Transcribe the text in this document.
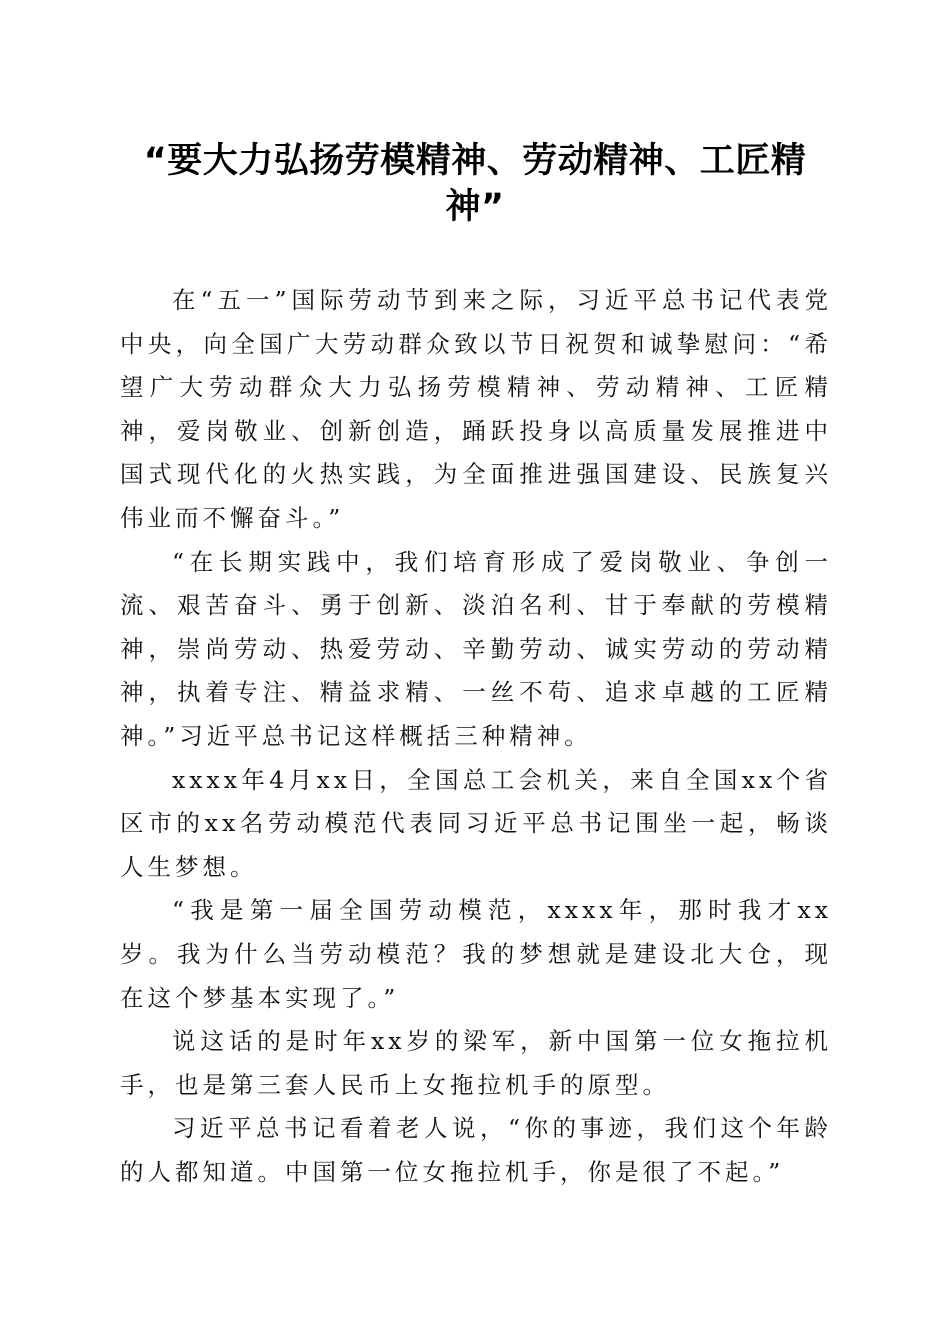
“要大力弘扬劳模精神、劳动精神、工匠精神”

在“五一”国际劳动节到来之际，习近平总书记代表党中央，向全国广大劳动群众致以节日祝贺和诚挚慰问：“希望广大劳动群众大力弘扬劳模精神、劳动精神、工匠精神，爱岗敬业、创新创造，踊跃投身以高质量发展推进中国式现代化的火热实践，为全面推进强国建设、民族复兴伟业而不懈奋斗。”

“在长期实践中，我们培育形成了爱岗敬业、争创一流、艰苦奋斗、勇于创新、淡泊名利、甘于奉献的劳模精神，崇尚劳动、热爱劳动、辛勤劳动、诚实劳动的劳动精神，执着专注、精益求精、一丝不苟、追求卓越的工匠精神。”习近平总书记这样概括三种精神。

xxxx年4月xx日，全国总工会机关，来自全国xx个省区市的xx名劳动模范代表同习近平总书记围坐一起，畅谈人生梦想。

“我是第一届全国劳动模范，xxxx年，那时我才xx岁。我为什么当劳动模范？我的梦想就是建设北大仓，现在这个梦基本实现了。”

说这话的是时年xx岁的梁军，新中国第一位女拖拉机手，也是第三套人民币上女拖拉机手的原型。

习近平总书记看着老人说，“你的事迹，我们这个年龄的人都知道。中国第一位女拖拉机手，你是很了不起。”
